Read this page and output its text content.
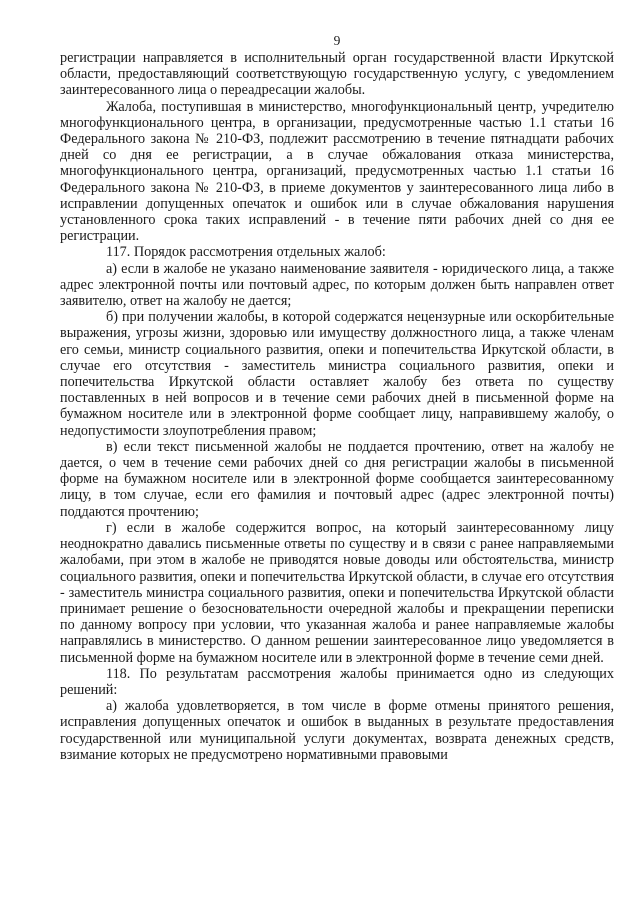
9

регистрации направляется в исполнительный орган государственной власти Иркутской области, предоставляющий соответствующую государственную услугу, с уведомлением заинтересованного лица о переадресации жалобы.

Жалоба, поступившая в министерство, многофункциональный центр, учредителю многофункционального центра, в организации, предусмотренные частью 1.1 статьи 16 Федерального закона № 210-ФЗ, подлежит рассмотрению в течение пятнадцати рабочих дней со дня ее регистрации, а в случае обжалования отказа министерства, многофункционального центра, организаций, предусмотренных частью 1.1 статьи 16 Федерального закона № 210-ФЗ, в приеме документов у заинтересованного лица либо в исправлении допущенных опечаток и ошибок или в случае обжалования нарушения установленного срока таких исправлений - в течение пяти рабочих дней со дня ее регистрации.

117. Порядок рассмотрения отдельных жалоб:

а) если в жалобе не указано наименование заявителя - юридического лица, а также адрес электронной почты или почтовый адрес, по которым должен быть направлен ответ заявителю, ответ на жалобу не дается;

б) при получении жалобы, в которой содержатся нецензурные или оскорбительные выражения, угрозы жизни, здоровью или имуществу должностного лица, а также членам его семьи, министр социального развития, опеки и попечительства Иркутской области, в случае его отсутствия - заместитель министра социального развития, опеки и попечительства Иркутской области оставляет жалобу без ответа по существу поставленных в ней вопросов и в течение семи рабочих дней в письменной форме на бумажном носителе или в электронной форме сообщает лицу, направившему жалобу, о недопустимости злоупотребления правом;

в) если текст письменной жалобы не поддается прочтению, ответ на жалобу не дается, о чем в течение семи рабочих дней со дня регистрации жалобы в письменной форме на бумажном носителе или в электронной форме сообщается заинтересованному лицу, в том случае, если его фамилия и почтовый адрес (адрес электронной почты) поддаются прочтению;

г) если в жалобе содержится вопрос, на который заинтересованному лицу неоднократно давались письменные ответы по существу и в связи с ранее направляемыми жалобами, при этом в жалобе не приводятся новые доводы или обстоятельства, министр социального развития, опеки и попечительства Иркутской области, в случае его отсутствия - заместитель министра социального развития, опеки и попечительства Иркутской области принимает решение о безосновательности очередной жалобы и прекращении переписки по данному вопросу при условии, что указанная жалоба и ранее направляемые жалобы направлялись в министерство. О данном решении заинтересованное лицо уведомляется в письменной форме на бумажном носителе или в электронной форме в течение семи дней.

118. По результатам рассмотрения жалобы принимается одно из следующих решений:

а) жалоба удовлетворяется, в том числе в форме отмены принятого решения, исправления допущенных опечаток и ошибок в выданных в результате предоставления государственной или муниципальной услуги документах, возврата денежных средств, взимание которых не предусмотрено нормативными правовыми
